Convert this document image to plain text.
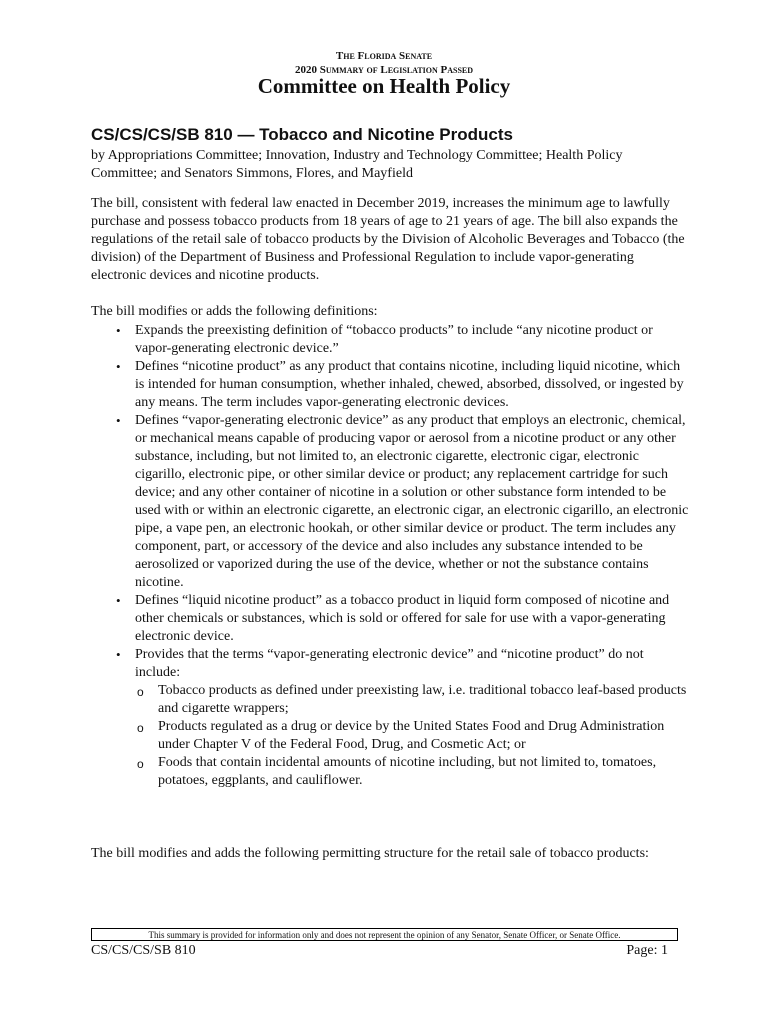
The Florida Senate
2020 Summary of Legislation Passed
Committee on Health Policy
CS/CS/CS/SB 810 — Tobacco and Nicotine Products
by Appropriations Committee; Innovation, Industry and Technology Committee; Health Policy Committee; and Senators Simmons, Flores, and Mayfield
The bill, consistent with federal law enacted in December 2019, increases the minimum age to lawfully purchase and possess tobacco products from 18 years of age to 21 years of age. The bill also expands the regulations of the retail sale of tobacco products by the Division of Alcoholic Beverages and Tobacco (the division) of the Department of Business and Professional Regulation to include vapor-generating electronic devices and nicotine products.
The bill modifies or adds the following definitions:
• Expands the preexisting definition of “tobacco products” to include “any nicotine product or vapor-generating electronic device.”
• Defines “nicotine product” as any product that contains nicotine, including liquid nicotine, which is intended for human consumption, whether inhaled, chewed, absorbed, dissolved, or ingested by any means. The term includes vapor-generating electronic devices.
• Defines “vapor-generating electronic device” as any product that employs an electronic, chemical, or mechanical means capable of producing vapor or aerosol from a nicotine product or any other substance, including, but not limited to, an electronic cigarette, electronic cigar, electronic cigarillo, electronic pipe, or other similar device or product; any replacement cartridge for such device; and any other container of nicotine in a solution or other substance form intended to be used with or within an electronic cigarette, an electronic cigar, an electronic cigarillo, an electronic pipe, a vape pen, an electronic hookah, or other similar device or product. The term includes any component, part, or accessory of the device and also includes any substance intended to be aerosolized or vaporized during the use of the device, whether or not the substance contains nicotine.
• Defines “liquid nicotine product” as a tobacco product in liquid form composed of nicotine and other chemicals or substances, which is sold or offered for sale for use with a vapor-generating electronic device.
• Provides that the terms “vapor-generating electronic device” and “nicotine product” do not include:
o Tobacco products as defined under preexisting law, i.e. traditional tobacco leaf-based products and cigarette wrappers;
o Products regulated as a drug or device by the United States Food and Drug Administration under Chapter V of the Federal Food, Drug, and Cosmetic Act; or
o Foods that contain incidental amounts of nicotine including, but not limited to, tomatoes, potatoes, eggplants, and cauliflower.
The bill modifies and adds the following permitting structure for the retail sale of tobacco products:
This summary is provided for information only and does not represent the opinion of any Senator, Senate Officer, or Senate Office.
CS/CS/CS/SB 810	Page: 1
